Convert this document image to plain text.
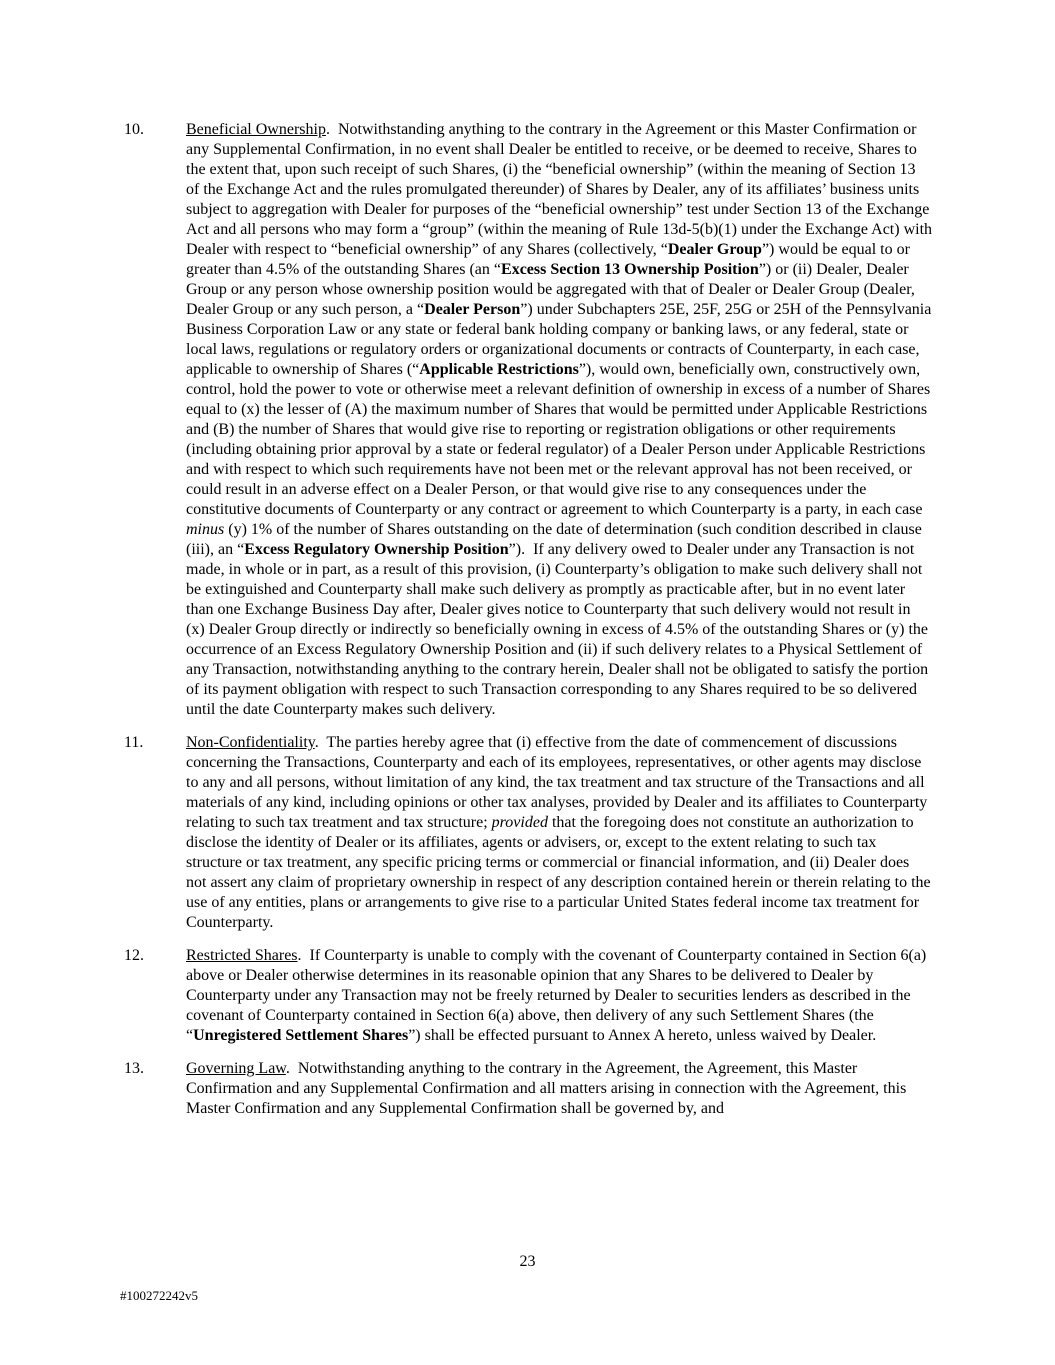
10.	Beneficial Ownership.  Notwithstanding anything to the contrary in the Agreement or this Master Confirmation or any Supplemental Confirmation, in no event shall Dealer be entitled to receive, or be deemed to receive, Shares to the extent that, upon such receipt of such Shares, (i) the “beneficial ownership” (within the meaning of Section 13 of the Exchange Act and the rules promulgated thereunder) of Shares by Dealer, any of its affiliates’ business units subject to aggregation with Dealer for purposes of the “beneficial ownership” test under Section 13 of the Exchange Act and all persons who may form a “group” (within the meaning of Rule 13d-5(b)(1) under the Exchange Act) with Dealer with respect to “beneficial ownership” of any Shares (collectively, “Dealer Group”) would be equal to or greater than 4.5% of the outstanding Shares (an “Excess Section 13 Ownership Position”) or (ii) Dealer, Dealer Group or any person whose ownership position would be aggregated with that of Dealer or Dealer Group (Dealer, Dealer Group or any such person, a “Dealer Person”) under Subchapters 25E, 25F, 25G or 25H of the Pennsylvania Business Corporation Law or any state or federal bank holding company or banking laws, or any federal, state or local laws, regulations or regulatory orders or organizational documents or contracts of Counterparty, in each case, applicable to ownership of Shares (“Applicable Restrictions”), would own, beneficially own, constructively own, control, hold the power to vote or otherwise meet a relevant definition of ownership in excess of a number of Shares equal to (x) the lesser of (A) the maximum number of Shares that would be permitted under Applicable Restrictions and (B) the number of Shares that would give rise to reporting or registration obligations or other requirements (including obtaining prior approval by a state or federal regulator) of a Dealer Person under Applicable Restrictions and with respect to which such requirements have not been met or the relevant approval has not been received, or could result in an adverse effect on a Dealer Person, or that would give rise to any consequences under the constitutive documents of Counterparty or any contract or agreement to which Counterparty is a party, in each case minus (y) 1% of the number of Shares outstanding on the date of determination (such condition described in clause (iii), an “Excess Regulatory Ownership Position”).  If any delivery owed to Dealer under any Transaction is not made, in whole or in part, as a result of this provision, (i) Counterparty’s obligation to make such delivery shall not be extinguished and Counterparty shall make such delivery as promptly as practicable after, but in no event later than one Exchange Business Day after, Dealer gives notice to Counterparty that such delivery would not result in (x) Dealer Group directly or indirectly so beneficially owning in excess of 4.5% of the outstanding Shares or (y) the occurrence of an Excess Regulatory Ownership Position and (ii) if such delivery relates to a Physical Settlement of any Transaction, notwithstanding anything to the contrary herein, Dealer shall not be obligated to satisfy the portion of its payment obligation with respect to such Transaction corresponding to any Shares required to be so delivered until the date Counterparty makes such delivery.
11.	Non-Confidentiality.  The parties hereby agree that (i) effective from the date of commencement of discussions concerning the Transactions, Counterparty and each of its employees, representatives, or other agents may disclose to any and all persons, without limitation of any kind, the tax treatment and tax structure of the Transactions and all materials of any kind, including opinions or other tax analyses, provided by Dealer and its affiliates to Counterparty relating to such tax treatment and tax structure; provided that the foregoing does not constitute an authorization to disclose the identity of Dealer or its affiliates, agents or advisers, or, except to the extent relating to such tax structure or tax treatment, any specific pricing terms or commercial or financial information, and (ii) Dealer does not assert any claim of proprietary ownership in respect of any description contained herein or therein relating to the use of any entities, plans or arrangements to give rise to a particular United States federal income tax treatment for Counterparty.
12.	Restricted Shares.  If Counterparty is unable to comply with the covenant of Counterparty contained in Section 6(a) above or Dealer otherwise determines in its reasonable opinion that any Shares to be delivered to Dealer by Counterparty under any Transaction may not be freely returned by Dealer to securities lenders as described in the covenant of Counterparty contained in Section 6(a) above, then delivery of any such Settlement Shares (the “Unregistered Settlement Shares”) shall be effected pursuant to Annex A hereto, unless waived by Dealer.
13.	Governing Law.  Notwithstanding anything to the contrary in the Agreement, the Agreement, this Master Confirmation and any Supplemental Confirmation and all matters arising in connection with the Agreement, this Master Confirmation and any Supplemental Confirmation shall be governed by, and
23
#100272242v5
